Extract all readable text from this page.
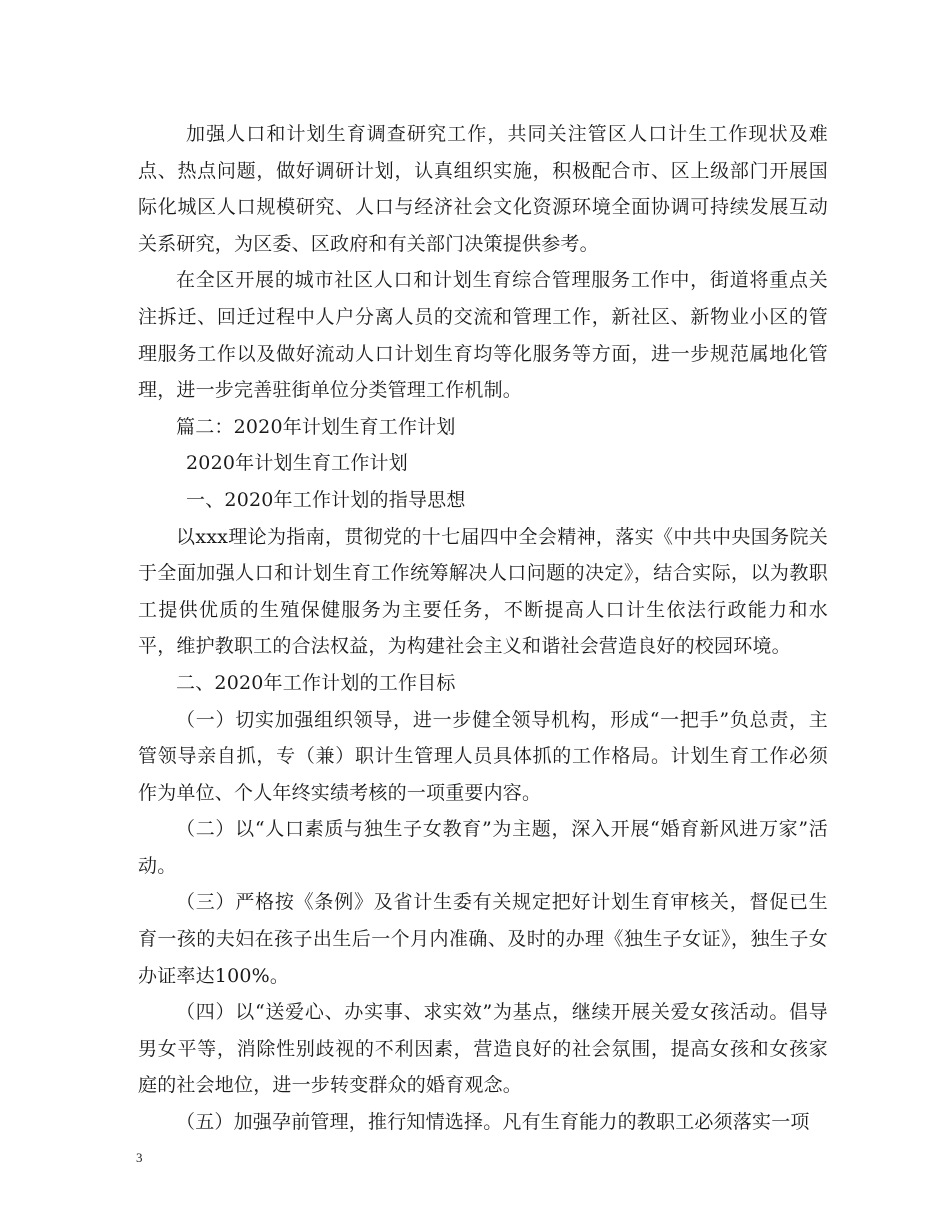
加强人口和计划生育调查研究工作，共同关注管区人口计生工作现状及难点、热点问题，做好调研计划，认真组织实施，积极配合市、区上级部门开展国际化城区人口规模研究、人口与经济社会文化资源环境全面协调可持续发展互动关系研究，为区委、区政府和有关部门决策提供参考。

在全区开展的城市社区人口和计划生育综合管理服务工作中，街道将重点关注拆迁、回迁过程中人户分离人员的交流和管理工作，新社区、新物业小区的管理服务工作以及做好流动人口计划生育均等化服务等方面，进一步规范属地化管理，进一步完善驻街单位分类管理工作机制。

篇二：2020年计划生育工作计划

2020年计划生育工作计划

一、2020年工作计划的指导思想

以xxx理论为指南，贯彻党的十七届四中全会精神，落实《中共中央国务院关于全面加强人口和计划生育工作统筹解决人口问题的决定》，结合实际，以为教职工提供优质的生殖保健服务为主要任务，不断提高人口计生依法行政能力和水平，维护教职工的合法权益，为构建社会主义和谐社会营造良好的校园环境。

二、2020年工作计划的工作目标

（一）切实加强组织领导，进一步健全领导机构，形成“一把手”负总责，主管领导亲自抓，专（兼）职计生管理人员具体抓的工作格局。计划生育工作必须作为单位、个人年终实绩考核的一项重要内容。

（二）以“人口素质与独生子女教育”为主题，深入开展“婚育新风进万家”活动。

（三）严格按《条例》及省计生委有关规定把好计划生育审核关，督促已生育一孩的夫妇在孩子出生后一个月内准确、及时的办理《独生子女证》，独生子女办证率达100%。

（四）以“送爱心、办实事、求实效”为基点，继续开展关爱女孩活动。倡导男女平等，消除性别歧视的不利因素，营造良好的社会氛围，提高女孩和女孩家庭的社会地位，进一步转变群众的婚育观念。

（五）加强孕前管理，推行知情选择。凡有生育能力的教职工必须落实一项

3
